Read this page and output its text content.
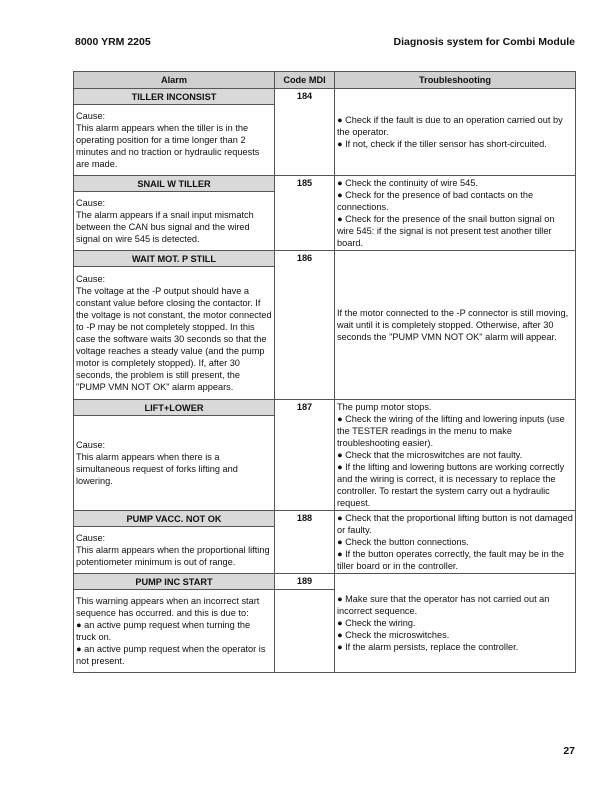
8000 YRM 2205	Diagnosis system for Combi Module
Alarm	Code MDI	Troubleshooting
TILLER INCONSIST	184	● Check if the fault is due to an operation carried out by the operator.
● If not, check if the tiller sensor has short-circuited.

Cause:
This alarm appears when the tiller is in the operating position for a time longer than 2 minutes and no traction or hydraulic requests are made.		

SNAIL W TILLER	185	● Check the continuity of wire 545.
● Check for the presence of bad contacts on the connections.
● Check for the presence of the snail button signal on wire 545: if the signal is not present test another tiller board.

Cause:
The alarm appears if a snail input mismatch between the CAN bus signal and the wired signal on wire 545 is detected.		

WAIT MOT. P STILL	186	If the motor connected to the -P connector is still moving, wait until it is completely stopped. Otherwise, after 30 seconds the "PUMP VMN NOT OK" alarm will appear.

Cause:
The voltage at the -P output should have a constant value before closing the contactor. If the voltage is not constant, the motor connected to -P may be not completely stopped. In this case the software waits 30 seconds so that the voltage reaches a steady value (and the pump motor is completely stopped). If, after 30 seconds, the problem is still present, the "PUMP VMN NOT OK" alarm appears.		

LIFT+LOWER	187	The pump motor stops.
● Check the wiring of the lifting and lowering inputs (use the TESTER readings in the menu to make troubleshooting easier).
● Check that the microswitches are not faulty.
● If the lifting and lowering buttons are working correctly and the wiring is correct, it is necessary to replace the controller. To restart the system carry out a hydraulic request.

Cause:
This alarm appears when there is a simultaneous request of forks lifting and lowering.		

PUMP VACC. NOT OK	188	● Check that the proportional lifting button is not damaged or faulty.
● Check the button connections.
● If the button operates correctly, the fault may be in the tiller board or in the controller.

Cause:
This alarm appears when the proportional lifting potentiometer minimum is out of range.		

PUMP INC START	189	● Make sure that the operator has not carried out an incorrect sequence.
● Check the wiring.
● Check the microswitches.
● If the alarm persists, replace the controller.

This warning appears when an incorrect start sequence has occurred. and this is due to:
● an active pump request when turning the truck on.
● an active pump request when the operator is not present.		

27
